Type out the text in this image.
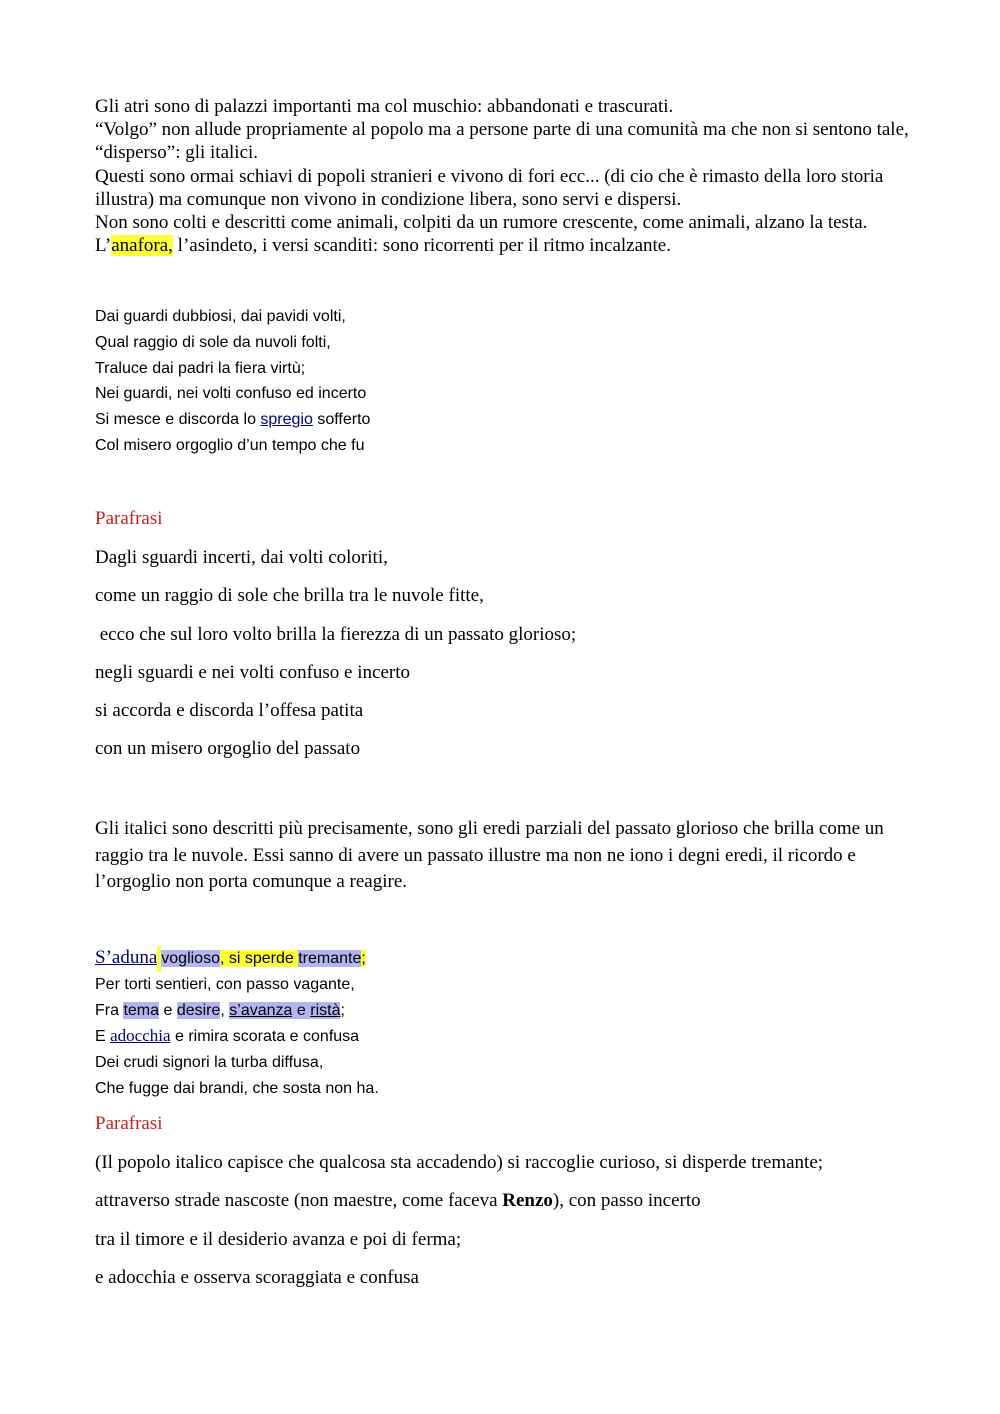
Gli atri sono di palazzi importanti ma col muschio: abbandonati e trascurati.

“Volgo” non allude propriamente al popolo ma a persone parte di una comunità ma che non si sentono tale, “disperso”: gli italici.

Questi sono ormai schiavi di popoli stranieri e vivono di fori ecc... (di cio che è rimasto della loro storia illustra) ma comunque non vivono in condizione libera, sono servi e dispersi.

Non sono colti e descritti come animali, colpiti da un rumore crescente, come animali, alzano la testa.

L’anafora, l’asindeto, i versi scanditi: sono ricorrenti per il ritmo incalzante.

Dai guardi dubbiosi, dai pavidi volti,

Qual raggio di sole da nuvoli folti,

Traluce dai padri la fiera virtù;

Nei guardi, nei volti confuso ed incerto

Si mesce e discorda lo spregio sofferto

Col misero orgoglio d’un tempo che fu

Parafrasi

Dagli sguardi incerti, dai volti coloriti,

come un raggio di sole che brilla tra le nuvole fitte,

ecco che sul loro volto brilla la fierezza di un passato glorioso;

negli sguardi e nei volti confuso e incerto

si accorda e discorda l’offesa patita

con un misero orgoglio del passato

Gli italici sono descritti più precisamente, sono gli eredi parziali del passato glorioso che brilla come un raggio tra le nuvole. Essi sanno di avere un passato illustre ma non ne iono i degni eredi, il ricordo e l’orgoglio non porta comunque a reagire.

S’aduna voglioso, si sperde tremante;

Per torti sentieri, con passo vagante,

Fra tema e desire, s’avanza e ristà;

E adocchia e rimira scorata e confusa

Dei crudi signori la turba diffusa,

Che fugge dai brandi, che sosta non ha.

Parafrasi

(Il popolo italico capisce che qualcosa sta accadendo) si raccoglie curioso, si disperde tremante;

attraverso strade nascoste (non maestre, come faceva Renzo), con passo incerto

tra il timore e il desiderio avanza e poi di ferma;

e adocchia e osserva scoraggiata e confusa
